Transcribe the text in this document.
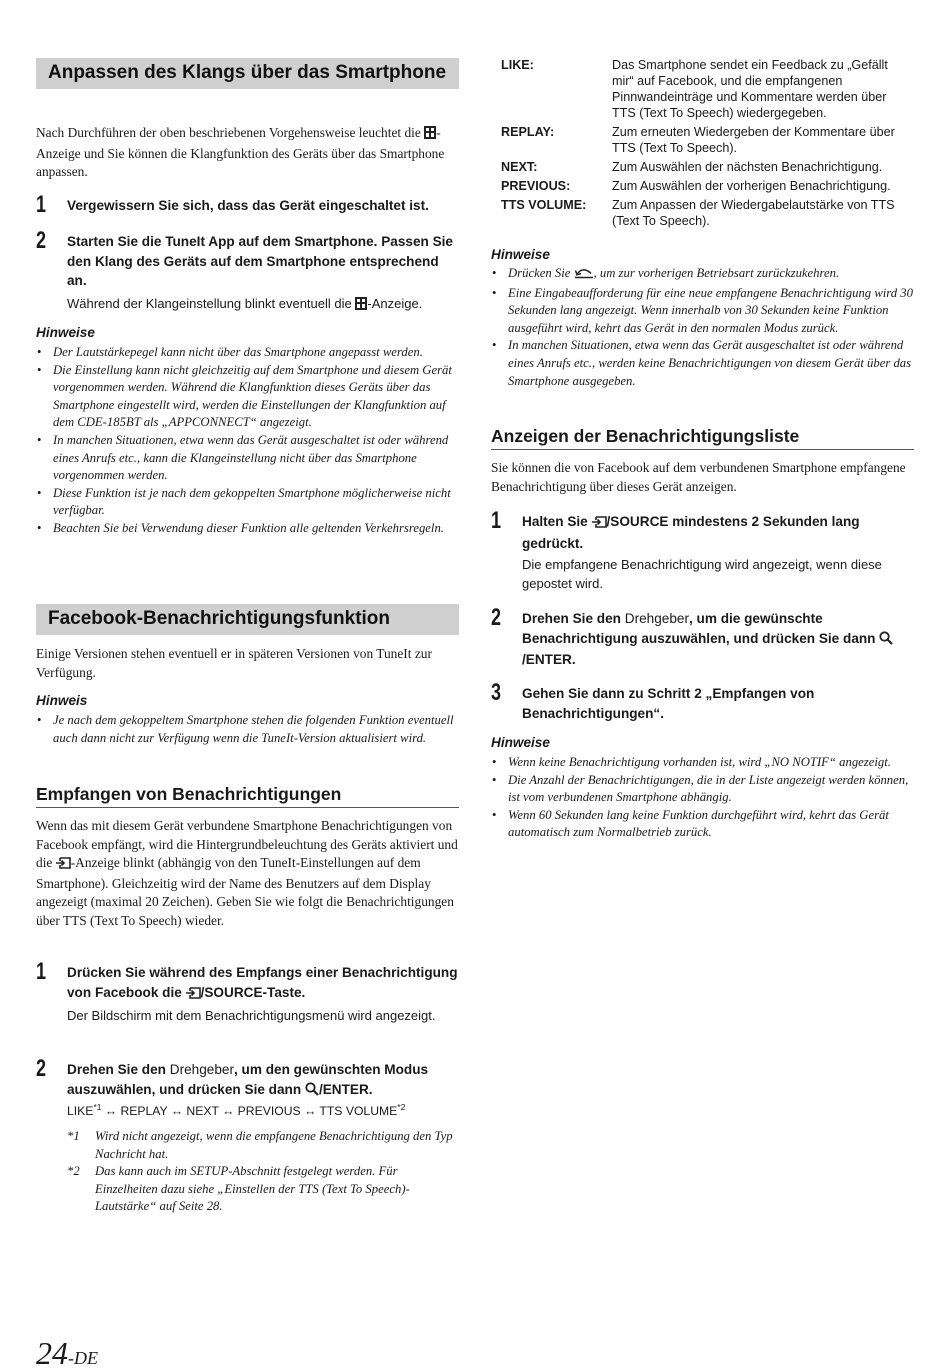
Anpassen des Klangs über das Smartphone
Nach Durchführen der oben beschriebenen Vorgehensweise leuchtet die -Anzeige und Sie können die Klangfunktion des Geräts über das Smartphone anpassen.
1 Vergewissern Sie sich, dass das Gerät eingeschaltet ist.
2 Starten Sie die TuneIt App auf dem Smartphone. Passen Sie den Klang des Geräts auf dem Smartphone entsprechend an.
Während der Klangeinstellung blinkt eventuell die -Anzeige.
Hinweise
• Der Lautstärkepegel kann nicht über das Smartphone angepasst werden.
• Die Einstellung kann nicht gleichzeitig auf dem Smartphone und diesem Gerät vorgenommen werden. Während die Klangfunktion dieses Geräts über das Smartphone eingestellt wird, werden die Einstellungen der Klangfunktion auf dem CDE-185BT als „APPCONNECT“ angezeigt.
• In manchen Situationen, etwa wenn das Gerät ausgeschaltet ist oder während eines Anrufs etc., kann die Klangeinstellung nicht über das Smartphone vorgenommen werden.
• Diese Funktion ist je nach dem gekoppelten Smartphone möglicherweise nicht verfügbar.
• Beachten Sie bei Verwendung dieser Funktion alle geltenden Verkehrsregeln.
Facebook-Benachrichtigungsfunktion
Einige Versionen stehen eventuell er in späteren Versionen von TuneIt zur Verfügung.
Hinweis
• Je nach dem gekoppeltem Smartphone stehen die folgenden Funktion eventuell auch dann nicht zur Verfügung wenn die TuneIt-Version aktualisiert wird.
Empfangen von Benachrichtigungen
Wenn das mit diesem Gerät verbundene Smartphone Benachrichtigungen von Facebook empfängt, wird die Hintergrundbeleuchtung des Geräts aktiviert und die -Anzeige blinkt (abhängig von den TuneIt-Einstellungen auf dem Smartphone). Gleichzeitig wird der Name des Benutzers auf dem Display angezeigt (maximal 20 Zeichen). Geben Sie wie folgt die Benachrichtigungen über TTS (Text To Speech) wieder.
1 Drücken Sie während des Empfangs einer Benachrichtigung von Facebook die /SOURCE-Taste.
Der Bildschirm mit dem Benachrichtigungsmenü wird angezeigt.
2 Drehen Sie den Drehgeber, um den gewünschten Modus auszuwählen, und drücken Sie dann /ENTER.
LIKE$^{*1}$ ↔ REPLAY ↔ NEXT ↔ PREVIOUS ↔ TTS VOLUME$^{*2}$
*1	Wird nicht angezeigt, wenn die empfangene Benachrichtigung den Typ Nachricht hat.
*2	Das kann auch im SETUP-Abschnitt festgelegt werden. Für Einzelheiten dazu siehe „Einstellen der TTS (Text To Speech)-Lautstärke“ auf Seite 28.
LIKE:	Das Smartphone sendet ein Feedback zu „Gefällt mir“ auf Facebook, und die empfangenen Pinnwandeinträge und Kommentare werden über TTS (Text To Speech) wiedergegeben.
REPLAY:	Zum erneuten Wiedergeben der Kommentare über TTS (Text To Speech).
NEXT:	Zum Auswählen der nächsten Benachrichtigung.
PREVIOUS:	Zum Auswählen der vorherigen Benachrichtigung.
TTS VOLUME: Zum Anpassen der Wiedergabelautstärke von TTS (Text To Speech).
Hinweise
• Drücken Sie , um zur vorherigen Betriebsart zurückzukehren.
• Eine Eingabeaufforderung für eine neue empfangene Benachrichtigung wird 30 Sekunden lang angezeigt. Wenn innerhalb von 30 Sekunden keine Funktion ausgeführt wird, kehrt das Gerät in den normalen Modus zurück.
• In manchen Situationen, etwa wenn das Gerät ausgeschaltet ist oder während eines Anrufs etc., werden keine Benachrichtigungen von diesem Gerät über das Smartphone ausgegeben.
Anzeigen der Benachrichtigungsliste
Sie können die von Facebook auf dem verbundenen Smartphone empfangene Benachrichtigung über dieses Gerät anzeigen.
1 Halten Sie /SOURCE mindestens 2 Sekunden lang gedrückt.
Die empfangene Benachrichtigung wird angezeigt, wenn diese gepostet wird.
2 Drehen Sie den Drehgeber, um die gewünschte Benachrichtigung auszuwählen, und drücken Sie dann /ENTER.
3 Gehen Sie dann zu Schritt 2 „Empfangen von Benachrichtigungen“.
Hinweise
• Wenn keine Benachrichtigung vorhanden ist, wird „NO NOTIF“ angezeigt.
• Die Anzahl der Benachrichtigungen, die in der Liste angezeigt werden können, ist vom verbundenen Smartphone abhängig.
• Wenn 60 Sekunden lang keine Funktion durchgeführt wird, kehrt das Gerät automatisch zum Normalbetrieb zurück.
24-DE
